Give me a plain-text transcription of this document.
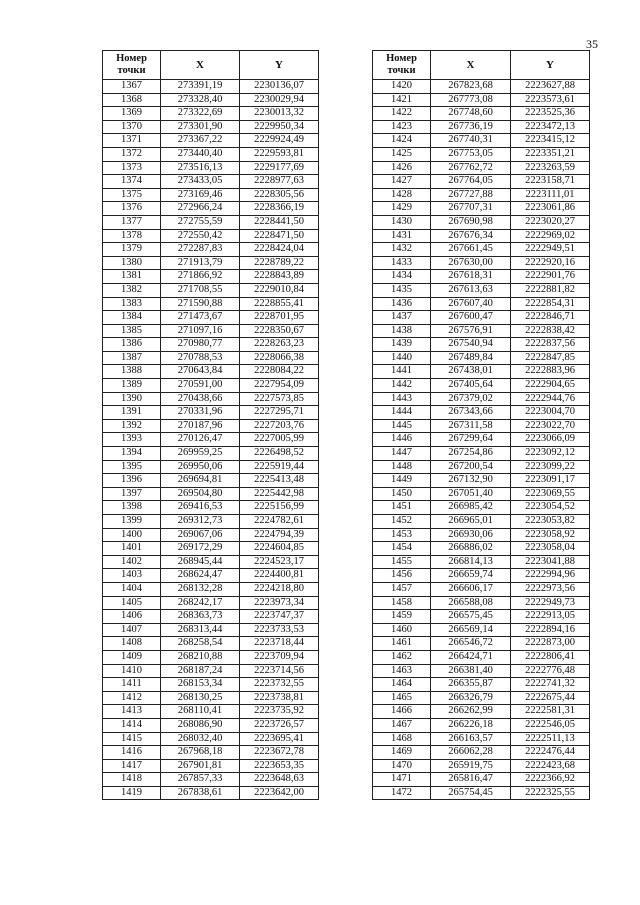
35
Номер
точки	X	Y
1367	273391,19	2230136,07
1368	273328,40	2230029,94
1369	273322,69	2230013,32
1370	273301,90	2229950,34
1371	273367,22	2229924,49
1372	273440,40	2229593,81
1373	273516,13	2229177,69
1374	273433,05	2228977,63
1375	273169,46	2228305,56
1376	272966,24	2228366,19
1377	272755,59	2228441,50
1378	272550,42	2228471,50
1379	272287,83	2228424,04
1380	271913,79	2228789,22
1381	271866,92	2228843,89
1382	271708,55	2229010,84
1383	271590,88	2228855,41
1384	271473,67	2228701,95
1385	271097,16	2228350,67
1386	270980,77	2228263,23
1387	270788,53	2228066,38
1388	270643,84	2228084,22
1389	270591,00	2227954,09
1390	270438,66	2227573,85
1391	270331,96	2227295,71
1392	270187,96	2227203,76
1393	270126,47	2227005,99
1394	269959,25	2226498,52
1395	269950,06	2225919,44
1396	269694,81	2225413,48
1397	269504,80	2225442,98
1398	269416,53	2225156,99
1399	269312,73	2224782,61
1400	269067,06	2224794,39
1401	269172,29	2224604,85
1402	268945,44	2224523,17
1403	268624,47	2224400,81
1404	268132,28	2224218,80
1405	268242,17	2223973,34
1406	268363,73	2223747,37
1407	268313,44	2223733,53
1408	268258,54	2223718,44
1409	268210,88	2223709,94
1410	268187,24	2223714,56
1411	268153,34	2223732,55
1412	268130,25	2223738,81
1413	268110,41	2223735,92
1414	268086,90	2223726,57
1415	268032,40	2223695,41
1416	267968,18	2223672,78
1417	267901,81	2223653,35
1418	267857,33	2223648,63
1419	267838,61	2223642,00
Номер
точки	X	Y
1420	267823,68	2223627,88
1421	267773,08	2223573,61
1422	267748,60	2223525,36
1423	267736,19	2223472,13
1424	267740,31	2223415,12
1425	267753,05	2223351,21
1426	267762,72	2223263,59
1427	267764,05	2223158,71
1428	267727,88	2223111,01
1429	267707,31	2223061,86
1430	267690,98	2223020,27
1431	267676,34	2222969,02
1432	267661,45	2222949,51
1433	267630,00	2222920,16
1434	267618,31	2222901,76
1435	267613,63	2222881,82
1436	267607,40	2222854,31
1437	267600,47	2222846,71
1438	267576,91	2222838,42
1439	267540,94	2222837,56
1440	267489,84	2222847,85
1441	267438,01	2222883,96
1442	267405,64	2222904,65
1443	267379,02	2222944,76
1444	267343,66	2223004,70
1445	267311,58	2223022,70
1446	267299,64	2223066,09
1447	267254,86	2223092,12
1448	267200,54	2223099,22
1449	267132,90	2223091,17
1450	267051,40	2223069,55
1451	266985,42	2223054,52
1452	266965,01	2223053,82
1453	266930,06	2223058,92
1454	266886,02	2223058,04
1455	266814,13	2223041,88
1456	266659,74	2222994,96
1457	266606,17	2222973,56
1458	266588,08	2222949,73
1459	266575,45	2222913,05
1460	266569,14	2222894,16
1461	266546,72	2222873,00
1462	266424,71	2222806,41
1463	266381,40	2222776,48
1464	266355,87	2222741,32
1465	266326,79	2222675,44
1466	266262,99	2222581,31
1467	266226,18	2222546,05
1468	266163,57	2222511,13
1469	266062,28	2222476,44
1470	265919,75	2222423,68
1471	265816,47	2222366,92
1472	265754,45	2222325,55
